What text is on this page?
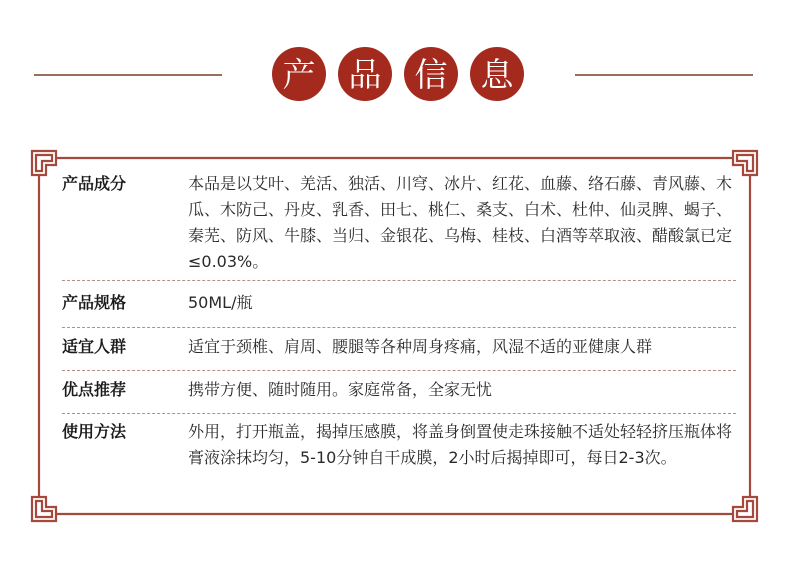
产	品	信	息
产品成分	本品是以艾叶、羌活、独活、川穹、冰片、红花、血藤、络石藤、青风藤、木瓜、木防己、丹皮、乳香、田七、桃仁、桑支、白术、杜仲、仙灵脾、蝎子、秦芜、防风、牛膝、当归、金银花、乌梅、桂枝、白酒等萃取液、醋酸氯已定≤0.03%。
产品规格	50ML/瓶
适宜人群	适宜于颈椎、肩周、腰腿等各种周身疼痛，风湿不适的亚健康人群
优点推荐	携带方便、随时随用。家庭常备，全家无忧
使用方法	外用，打开瓶盖，揭掉压感膜，将盖身倒置使走珠接触不适处轻轻挤压瓶体将膏液涂抹均匀，5-10分钟自干成膜，2小时后揭掉即可，每日2-3次。
